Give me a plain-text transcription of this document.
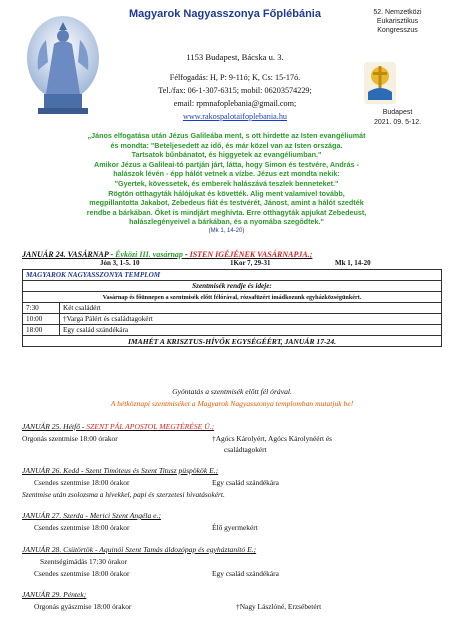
Magyarok Nagyasszonya Főplébánia
1153 Budapest, Bácska u. 3.
Félfogadás: H, P: 9-11ó; K, Cs: 15-17ó.
Tel./fax: 06-1-307-6315; mobil: 06203574229;
email: rpmnafoplebania@gmail.com;
www.rakospalotaifoplebania.hu
52. Nemzetközi
Eukarisztikus
Kongresszus
Budapest
2021. 09. 5-12.
„János elfogatása után Jézus Galileába ment, s ott hirdette az Isten evangéliumát
és mondta: "Beteljesedett az idő, és már közel van az Isten országa.
Tartsatok bűnbánatot, és higgyetek az evangéliumban."
Amikor Jézus a Galileai-tó partján járt, látta, hogy Simon és testvére, András -
halászok lévén - épp hálót vetnek a vízbe. Jézus ezt mondta nekik:
"Gyertek, kövessetek, és emberek halászává teszlek benneteket."
Rögtön otthagyták hálójukat és követték. Alig ment valamivel tovább,
megpillantotta Jakabot, Zebedeus fiát és testvérét, Jánost, amint a hálót szedték
rendbe a bárkában. Őket is mindjárt meghívta. Erre otthagyták apjukat Zebedeust,
halászlegényeivel a bárkában, és a nyomába szegődtek."
(Mk 1, 14-20)
JANUÁR 24. VASÁRNAP - Évközi III. vasárnap - ISTEN IGÉJÉNEK VASÁRNAPJA.;
Jón 3, 1-5. 10	1Kor 7, 29-31	Mk 1, 14-20
MAGYAROK NAGYASSZONYA TEMPLOM	
Szentmisék rendje és ideje:	
Vasárnap és főünnepen a szentmisék előtt félórával, rózsafüzért imádkozunk egyházközségünkért.	
7:30	Két családért
10:00	†Varga Pálért és családtagokért
18:00	Egy család szándékára
IMAHÉT A KRISZTUS-HÍVŐK EGYSÉGÉÉRT, JANUÁR 17-24.	
Gyóntatás a szentmisék előtt fél órával.
A hétköznapi szentmiséket a Magyarok Nagyasszonya templomban mutatjuk be!
JANUÁR 25. Hétfő - SZENT PÁL APOSTOL MEGTÉRÉSE Ü.;
Orgonás szentmise 18:00 órakor	†Agócs Károlyért, Agócs Károlynéért és
családtagokért
JANUÁR 26. Kedd - Szent Timóteus és Szent Titusz püspökök E.;
Csendes szentmise 18:00 órakor	Egy család szándékára
Szentmise után zsolozsma a hívekkel, papi és szerzetesi hivatásokért.
JANUÁR 27. Szerda - Merici Szent Angéla e.;
Csendes szentmise 18:00 órakor	Élő gyermekért
JANUÁR 28. Csütörtök - Aquinói Szent Tamás áldozópap és egyháztanító E.;
Szentségimádás 17:30 órakor
Csendes szentmise 18:00 órakor	Egy család szándékára
JANUÁR 29. Péntek;
Orgonás gyászmise 18:00 órakor	†Nagy Lászlóné, Erzsébetért
